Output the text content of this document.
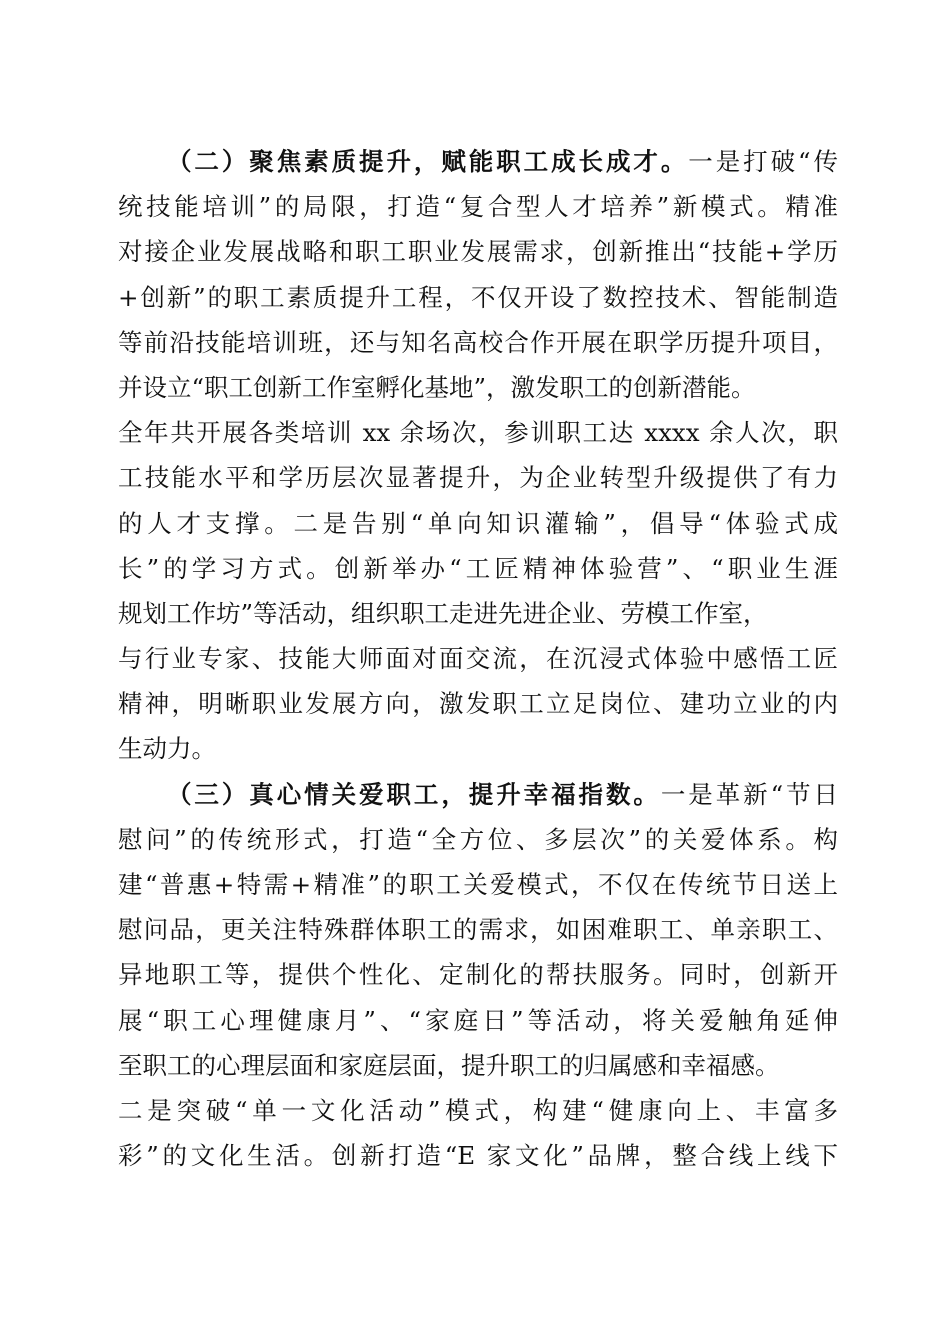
（二）聚焦素质提升，赋能职工成长成才。一是打破“传
统技能培训”的局限，打造“复合型人才培养”新模式。精准
对接企业发展战略和职工职业发展需求，创新推出“技能+学历
+创新”的职工素质提升工程，不仅开设了数控技术、智能制造
等前沿技能培训班，还与知名高校合作开展在职学历提升项目，
并设立“职工创新工作室孵化基地”，激发职工的创新潜能。
全年共开展各类培训 xx 余场次，参训职工达 xxxx 余人次，职
工技能水平和学历层次显著提升，为企业转型升级提供了有力
的人才支撑。二是告别“单向知识灌输”，倡导“体验式成
长”的学习方式。创新举办“工匠精神体验营”、“职业生涯
规划工作坊”等活动，组织职工走进先进企业、劳模工作室，
与行业专家、技能大师面对面交流，在沉浸式体验中感悟工匠
精神，明晰职业发展方向，激发职工立足岗位、建功立业的内
生动力。
（三）真心情关爱职工，提升幸福指数。一是革新“节日
慰问”的传统形式，打造“全方位、多层次”的关爱体系。构
建“普惠+特需+精准”的职工关爱模式，不仅在传统节日送上
慰问品，更关注特殊群体职工的需求，如困难职工、单亲职工、
异地职工等，提供个性化、定制化的帮扶服务。同时，创新开
展“职工心理健康月”、“家庭日”等活动，将关爱触角延伸
至职工的心理层面和家庭层面，提升职工的归属感和幸福感。
二是突破“单一文化活动”模式，构建“健康向上、丰富多
彩”的文化生活。创新打造“E 家文化”品牌，整合线上线下
